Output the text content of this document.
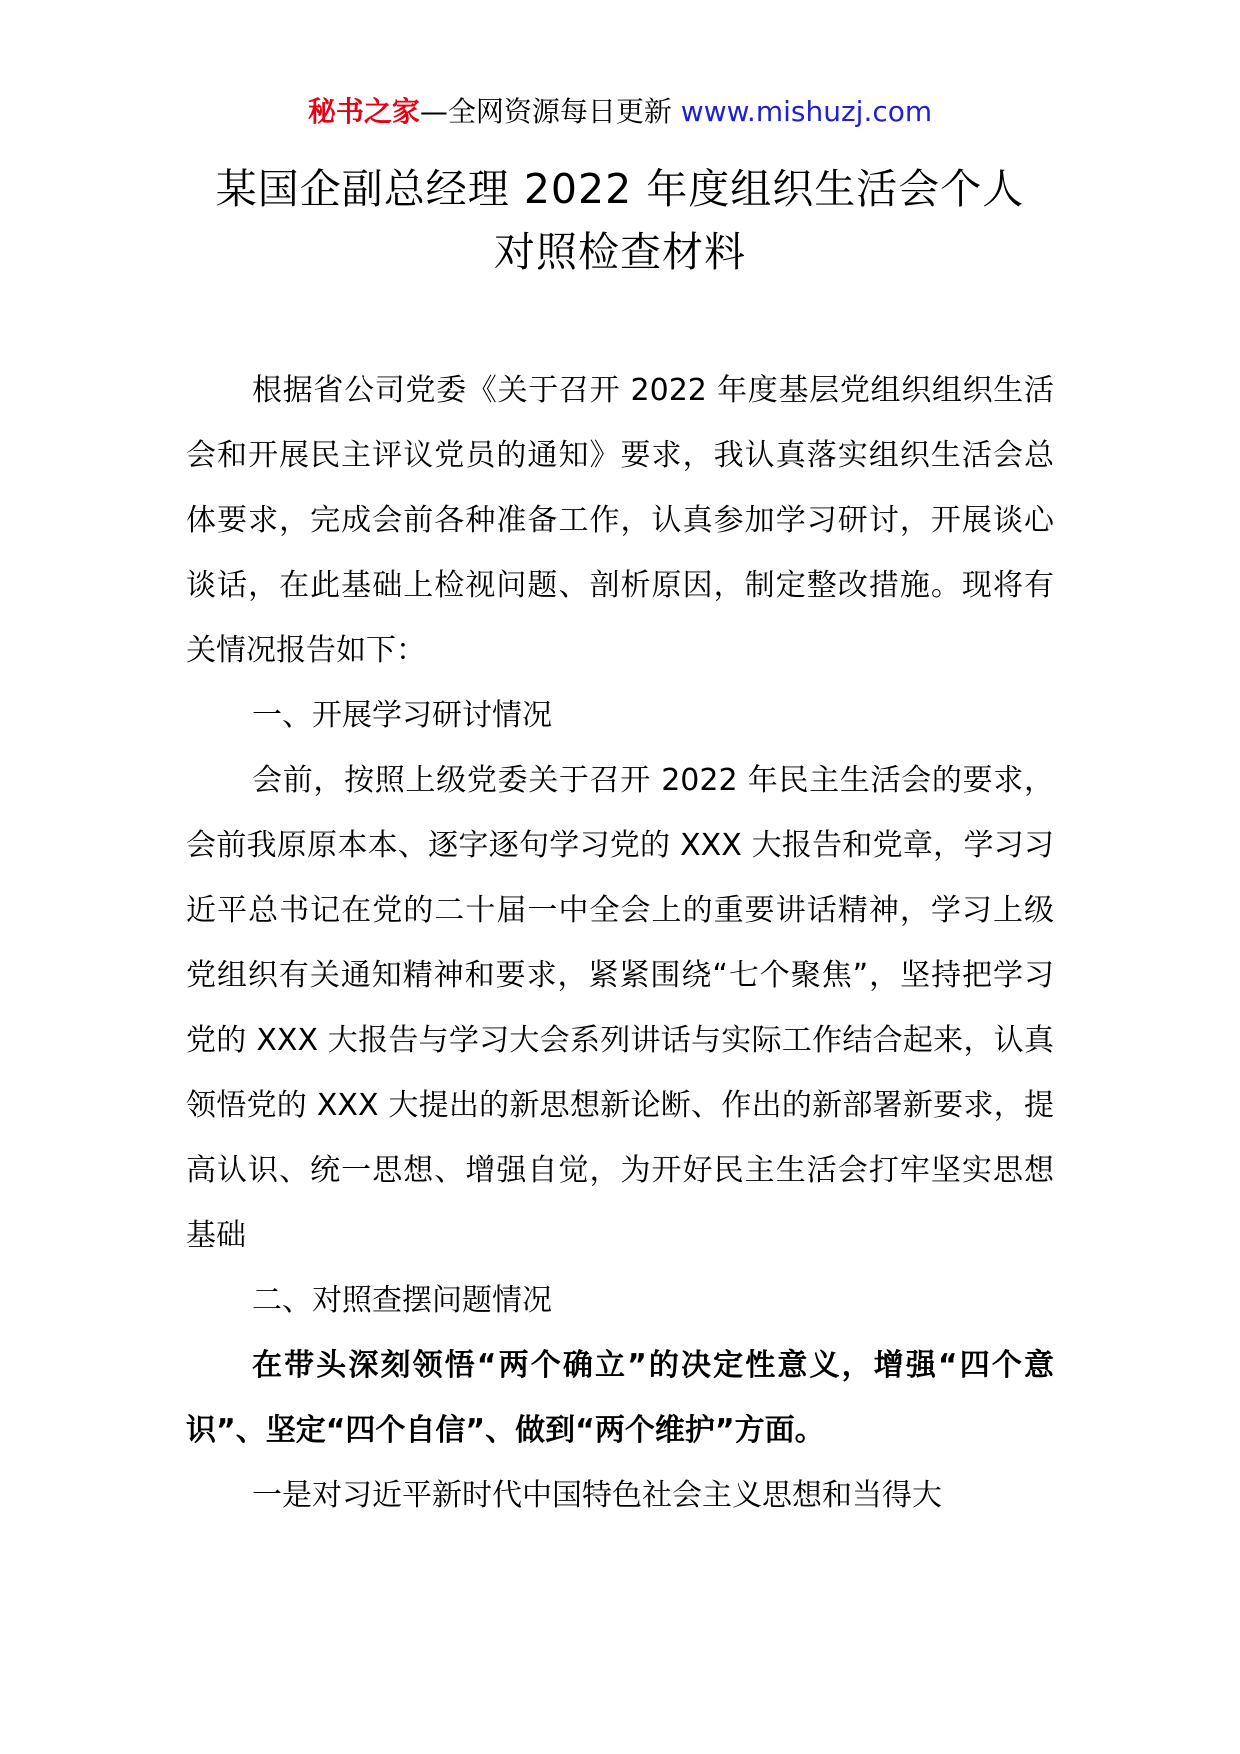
秘书之家—全网资源每日更新 www.mishuzj.com
某国企副总经理 2022 年度组织生活会个人
对照检查材料

根据省公司党委《关于召开 2022 年度基层党组织组织生活会和开展民主评议党员的通知》要求，我认真落实组织生活会总体要求，完成会前各种准备工作，认真参加学习研讨，开展谈心谈话，在此基础上检视问题、剖析原因，制定整改措施。现将有关情况报告如下：

一、开展学习研讨情况

会前，按照上级党委关于召开 2022 年民主生活会的要求，会前我原原本本、逐字逐句学习党的 XXX 大报告和党章，学习习近平总书记在党的二十届一中全会上的重要讲话精神，学习上级党组织有关通知精神和要求，紧紧围绕“七个聚焦”，坚持把学习党的 XXX 大报告与学习大会系列讲话与实际工作结合起来，认真领悟党的 XXX 大提出的新思想新论断、作出的新部署新要求，提高认识、统一思想、增强自觉，为开好民主生活会打牢坚实思想基础

二、对照查摆问题情况

在带头深刻领悟“两个确立”的决定性意义，增强“四个意识”、坚定“四个自信”、做到“两个维护”方面。

一是对习近平新时代中国特色社会主义思想和当得大
